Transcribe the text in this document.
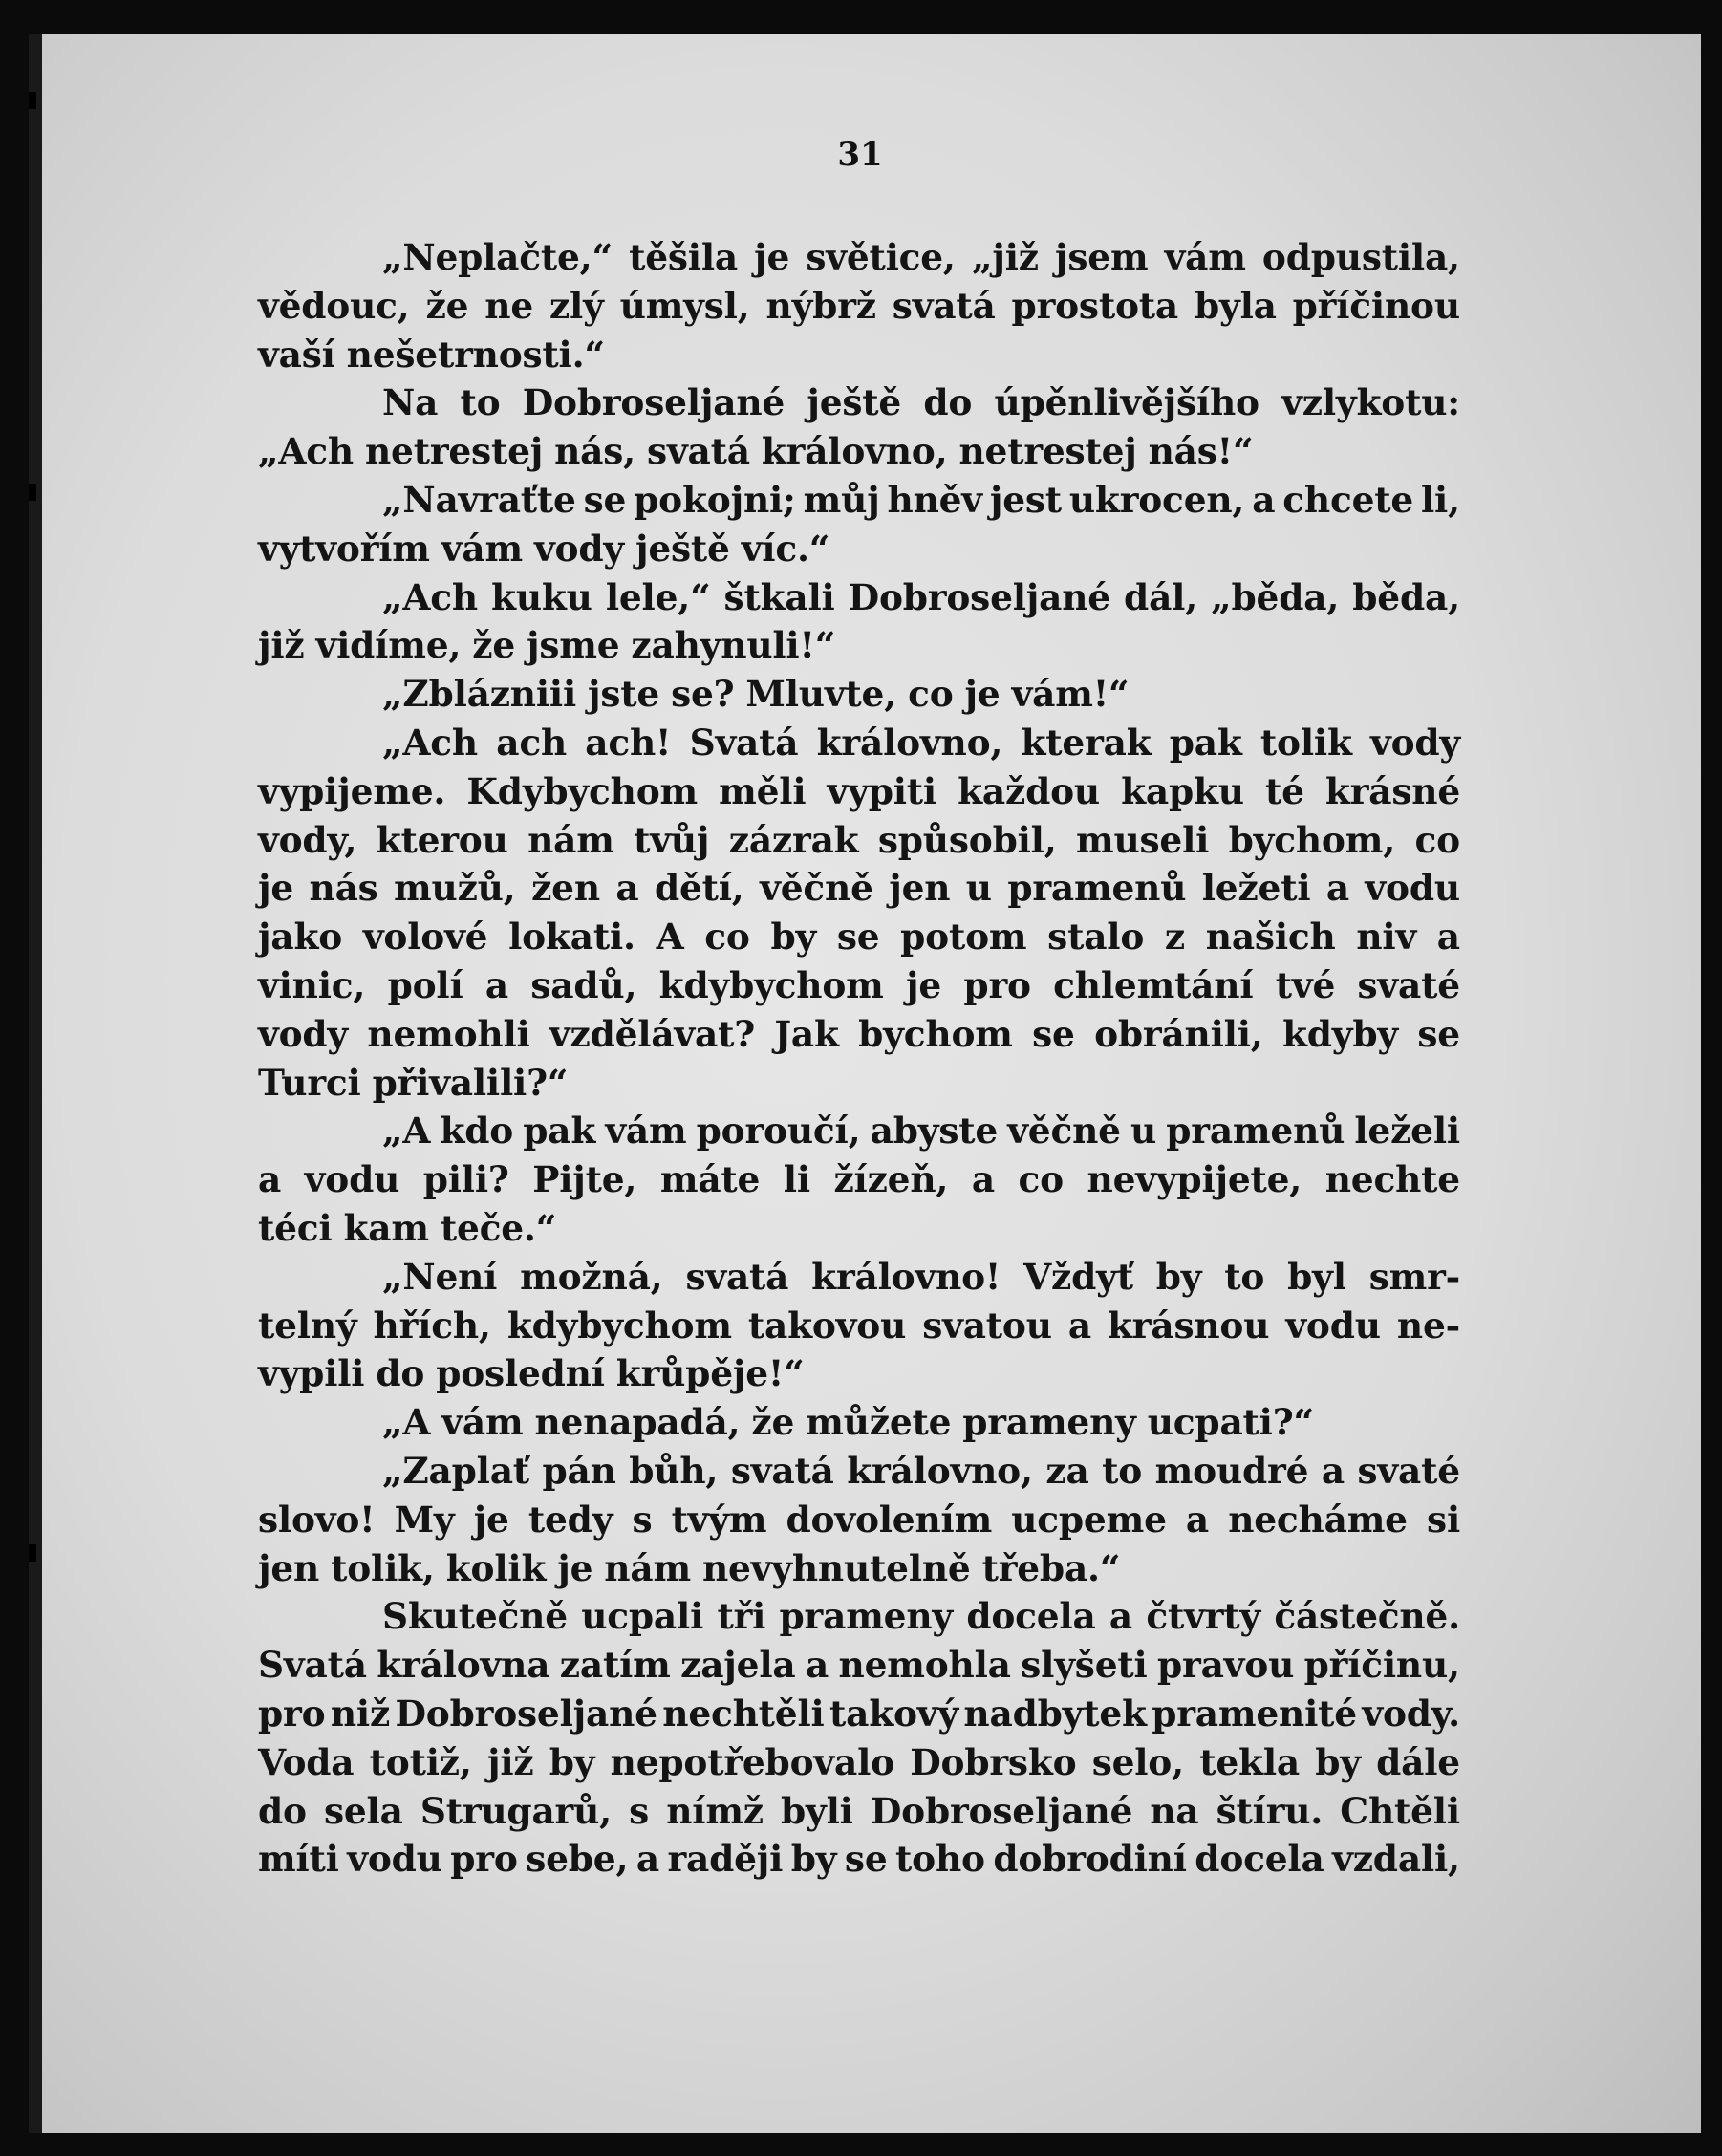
31
„Neplačte,“ těšila je světice, „již jsem vám odpustila,
vědouc, že ne zlý úmysl, nýbrž svatá prostota byla příčinou
vaší nešetrnosti.“
Na to Dobroseljané ještě do úpěnlivějšího vzlykotu:
„Ach netrestej nás, svatá královno, netrestej nás!“
„Navraťte se pokojni; můj hněv jest ukrocen, a chcete li,
vytvořím vám vody ještě víc.“
„Ach kuku lele,“ štkali Dobroseljané dál, „běda, běda,
již vidíme, že jsme zahynuli!“
„Zblázniii jste se? Mluvte, co je vám!“
„Ach ach ach! Svatá královno, kterak pak tolik vody
vypijeme. Kdybychom měli vypiti každou kapku té krásné
vody, kterou nám tvůj zázrak spůsobil, museli bychom, co
je nás mužů, žen a dětí, věčně jen u pramenů ležeti a vodu
jako volové lokati. A co by se potom stalo z našich niv a
vinic, polí a sadů, kdybychom je pro chlemtání tvé svaté
vody nemohli vzdělávat? Jak bychom se obránili, kdyby se
Turci přivalili?“
„A kdo pak vám poroučí, abyste věčně u pramenů leželi
a vodu pili? Pijte, máte li žízeň, a co nevypijete, nechte
téci kam teče.“
„Není možná, svatá královno! Vždyť by to byl smr-
telný hřích, kdybychom takovou svatou a krásnou vodu ne-
vypili do poslední krůpěje!“
„A vám nenapadá, že můžete prameny ucpati?“
„Zaplať pán bůh, svatá královno, za to moudré a svaté
slovo! My je tedy s tvým dovolením ucpeme a necháme si
jen tolik, kolik je nám nevyhnutelně třeba.“
Skutečně ucpali tři prameny docela a čtvrtý částečně.
Svatá královna zatím zajela a nemohla slyšeti pravou příčinu,
pro niž Dobroseljané nechtěli takový nadbytek pramenité vody.
Voda totiž, již by nepotřebovalo Dobrsko selo, tekla by dále
do sela Strugarů, s nímž byli Dobroseljané na štíru. Chtěli
míti vodu pro sebe, a raději by se toho dobrodiní docela vzdali,
